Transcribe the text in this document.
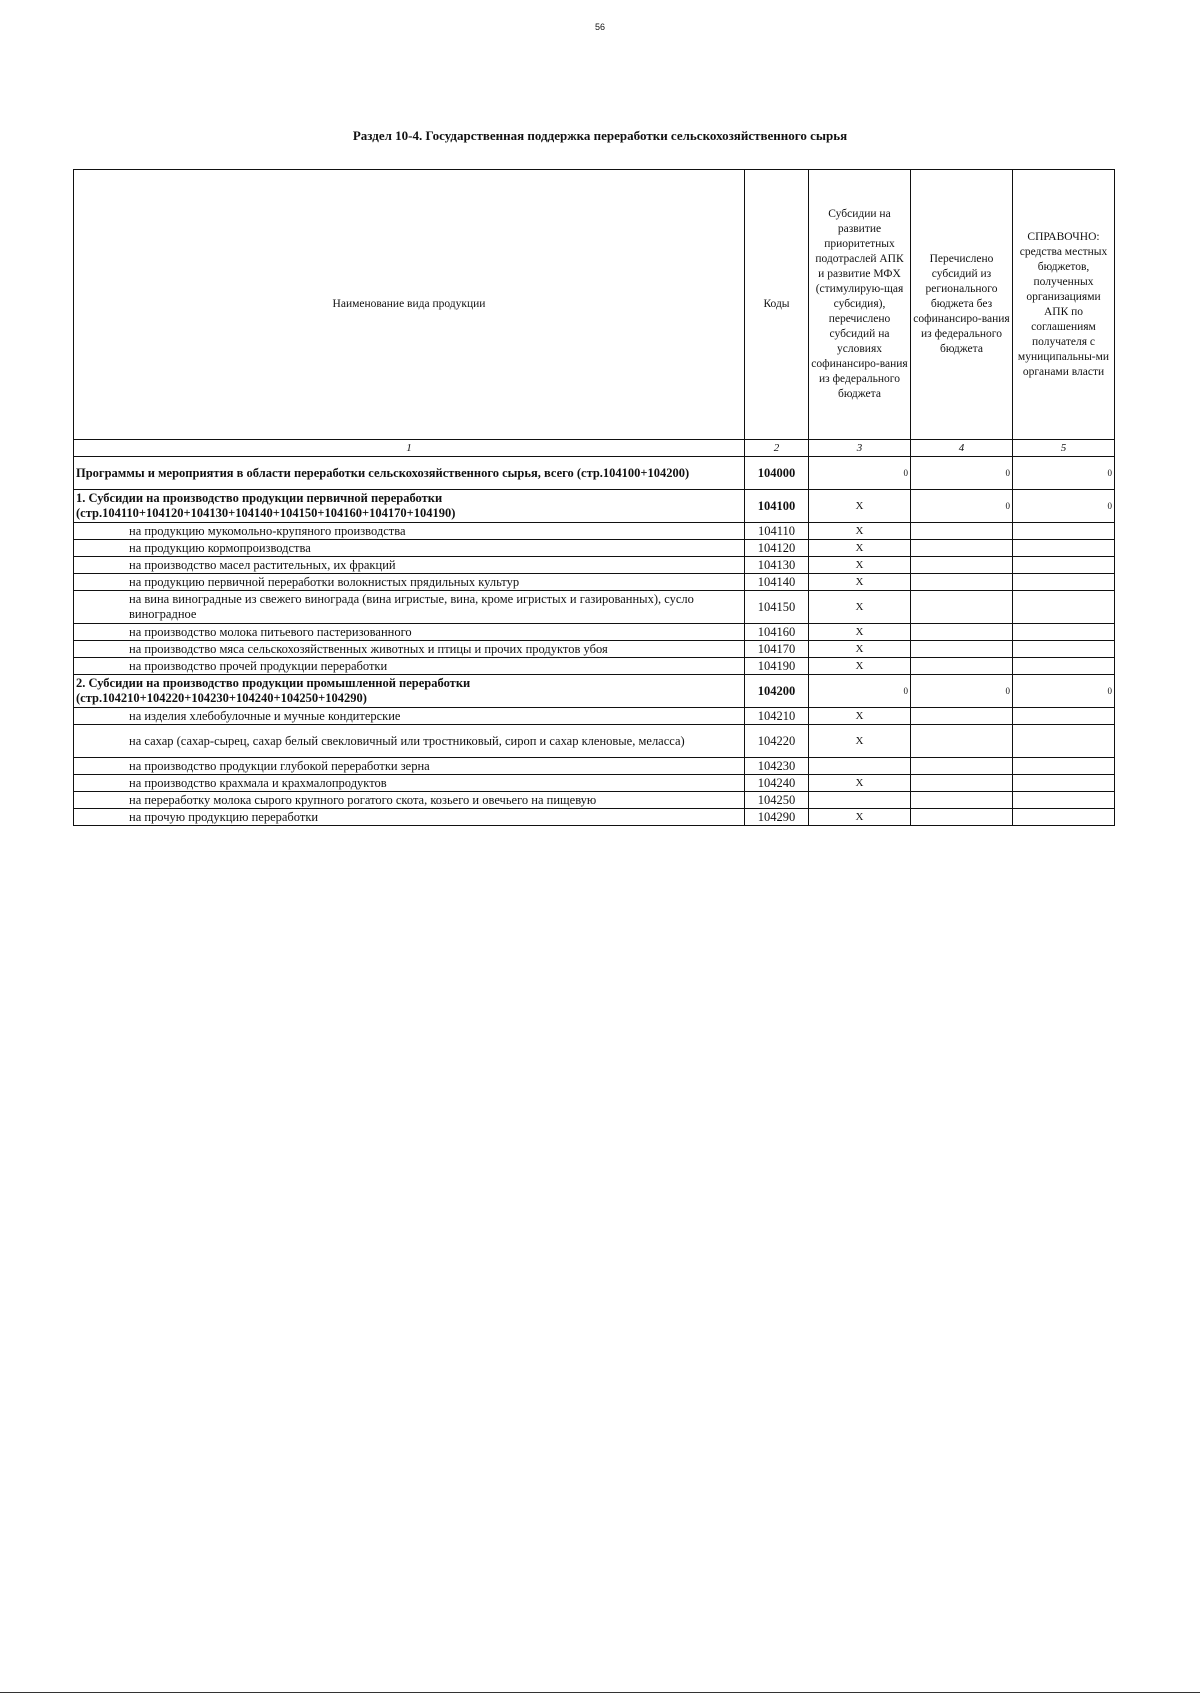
56
Раздел 10-4. Государственная поддержка переработки сельскохозяйственного сырья
Наименование вида продукции	Коды	Субсидии на развитие приоритетных подотраслей АПК и развитие МФХ (стимулирую-щая субсидия), перечислено субсидий на условиях софинансиро-вания из федерального бюджета	Перечислено субсидий из регионального бюджета без софинансиро-вания из федерального бюджета	СПРАВОЧНО: средства местных бюджетов, полученных организациями АПК по соглашениям получателя с муниципальны-ми органами власти
1	2	3	4	5
Программы и мероприятия в области переработки сельскохозяйственного сырья, всего (стр.104100+104200)	104000	0	0	0
1. Субсидии на производство продукции первичной переработки (стр.104110+104120+104130+104140+104150+104160+104170+104190)	104100	X	0	0
на продукцию мукомольно-крупяного производства	104110	X		
на продукцию кормопроизводства	104120	X		
на производство масел растительных, их фракций	104130	X		
на продукцию первичной переработки волокнистых прядильных культур	104140	X		
на вина виноградные из свежего винограда (вина игристые, вина, кроме игристых и газированных), сусло виноградное	104150	X		
на производство молока питьевого пастеризованного	104160	X		
на производство мяса сельскохозяйственных животных и птицы и прочих продуктов убоя	104170	X		
на производство прочей продукции переработки	104190	X		
2. Субсидии на производство продукции промышленной переработки (стр.104210+104220+104230+104240+104250+104290)	104200	0	0	0
на изделия хлебобулочные и мучные кондитерские	104210	X		
на сахар (сахар-сырец, сахар белый свекловичный или тростниковый, сироп и сахар кленовые, меласса)	104220	X		
на производство продукции глубокой переработки зерна	104230			
на производство крахмала и крахмалопродуктов	104240	X		
на переработку молока сырого крупного рогатого скота, козьего и овечьего на пищевую	104250			
на прочую продукцию переработки	104290	X		
